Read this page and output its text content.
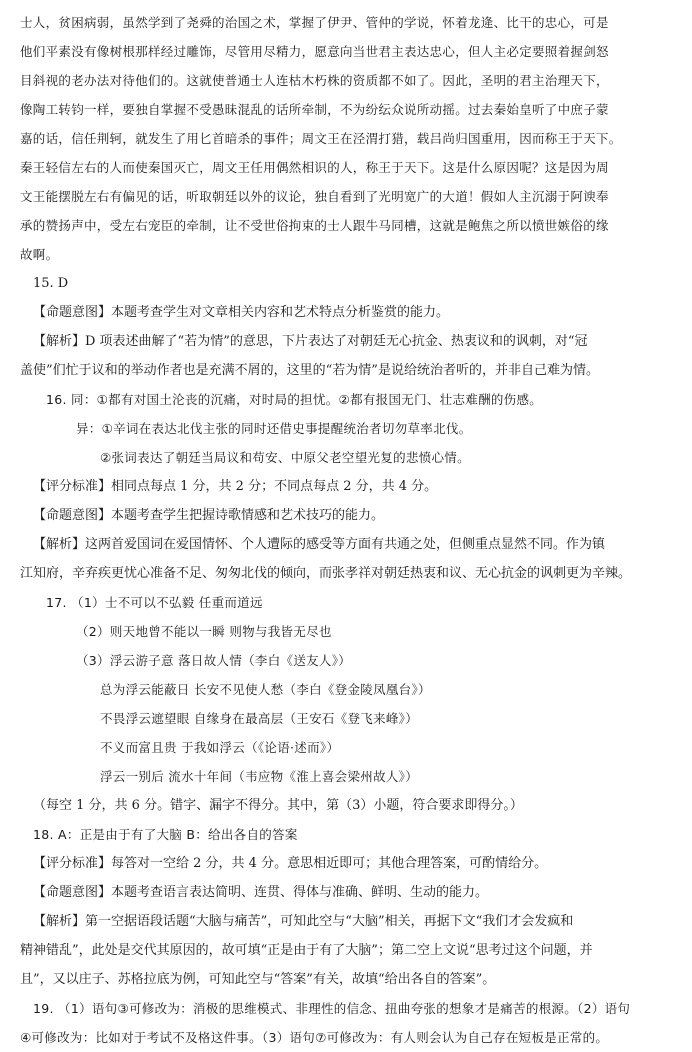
士人，贫困病弱，虽然学到了尧舜的治国之术，掌握了伊尹、管仲的学说，怀着龙逄、比干的忠心，可是
他们平素没有像树根那样经过雕饰，尽管用尽精力，愿意向当世君主表达忠心，但人主必定要照着握剑怒
目斜视的老办法对待他们的。这就使普通士人连枯木朽株的资质都不如了。因此，圣明的君主治理天下，
像陶工转钧一样，要独自掌握不受愚昧混乱的话所牵制，不为纷纭众说所动摇。过去秦始皇听了中庶子蒙
嘉的话，信任荆轲，就发生了用匕首暗杀的事件；周文王在泾渭打猎，载吕尚归国重用，因而称王于天下。
秦王轻信左右的人而使秦国灭亡，周文王任用偶然相识的人，称王于天下。这是什么原因呢？这是因为周
文王能摆脱左右有偏见的话，听取朝廷以外的议论，独自看到了光明宽广的大道！假如人主沉溺于阿谀奉
承的赞扬声中，受左右宠臣的牵制，让不受世俗拘束的士人跟牛马同槽，这就是鲍焦之所以愤世嫉俗的缘
故啊。
15. D
【命题意图】本题考查学生对文章相关内容和艺术特点分析鉴赏的能力。
【解析】D 项表述曲解了“若为情”的意思，下片表达了对朝廷无心抗金、热衷议和的讽刺，对“冠
盖使”们忙于议和的举动作者也是充满不屑的，这里的“若为情”是说给统治者听的，并非自己难为情。
16. 同：①都有对国土沦丧的沉痛，对时局的担忧。②都有报国无门、壮志难酬的伤感。
异：①辛词在表达北伐主张的同时还借史事提醒统治者切勿草率北伐。
②张词表达了朝廷当局议和苟安、中原父老空望光复的悲愤心情。
【评分标准】相同点每点 1 分，共 2 分；不同点每点 2 分，共 4 分。
【命题意图】本题考查学生把握诗歌情感和艺术技巧的能力。
【解析】这两首爱国词在爱国情怀、个人遭际的感受等方面有共通之处，但侧重点显然不同。作为镇
江知府，辛弃疾更忧心准备不足、匆匆北伐的倾向，而张孝祥对朝廷热衷和议、无心抗金的讽刺更为辛辣。
17. （1）士不可以不弘毅 任重而道远
（2）则天地曾不能以一瞬 则物与我皆无尽也
（3）浮云游子意 落日故人情（李白《送友人》）
总为浮云能蔽日 长安不见使人愁（李白《登金陵凤凰台》）
不畏浮云遮望眼 自缘身在最高层（王安石《登飞来峰》）
不义而富且贵 于我如浮云（《论语·述而》）
浮云一别后 流水十年间（韦应物《淮上喜会梁州故人》）
（每空 1 分，共 6 分。错字、漏字不得分。其中，第（3）小题，符合要求即得分。）
18. A：正是由于有了大脑 B：给出各自的答案
【评分标准】每答对一空给 2 分，共 4 分。意思相近即可；其他合理答案，可酌情给分。
【命题意图】本题考查语言表达简明、连贯、得体与准确、鲜明、生动的能力。
【解析】第一空据语段话题“大脑与痛苦”，可知此空与“大脑”相关，再据下文“我们才会发疯和
精神错乱”，此处是交代其原因的，故可填“正是由于有了大脑”；第二空上文说“思考过这个问题，并
且”，又以庄子、苏格拉底为例，可知此空与“答案”有关，故填“给出各自的答案”。
19. （1）语句③可修改为：消极的思维模式、非理性的信念、扭曲夸张的想象才是痛苦的根源。（2）语句
④可修改为：比如对于考试不及格这件事。（3）语句⑦可修改为：有人则会认为自己存在短板是正常的。
